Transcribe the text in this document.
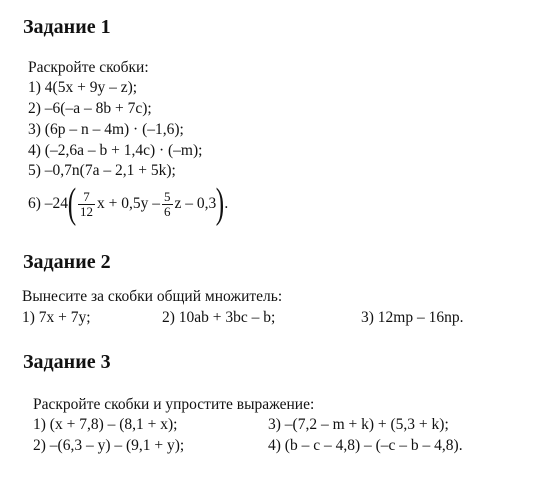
Задание 1
Раскройте скобки:
1) 4(5x + 9y – z);
2) –6(–a – 8b + 7c);
3) (6p – n – 4m) · (–1,6);
4) (–2,6a – b + 1,4c) · (–m);
5) –0,7n(7a – 2,1 + 5k);
6) $-24( \frac{7}{12}$ $x + 0,5y - \frac{5}{6}$ z – 0,3).
Задание 2
Вынесите за скобки общий множитель:
1) 7x + 7y;	2) 10ab + 3bc – b;	3) 12mp – 16np.
Задание 3
Раскройте скобки и упростите выражение:
1) (x + 7,8) – (8,1 + x);	3) –(7,2 – m + k) + (5,3 + k);
2) –(6,3 – y) – (9,1 + y);	4) (b – c – 4,8) – (–c – b – 4,8).
